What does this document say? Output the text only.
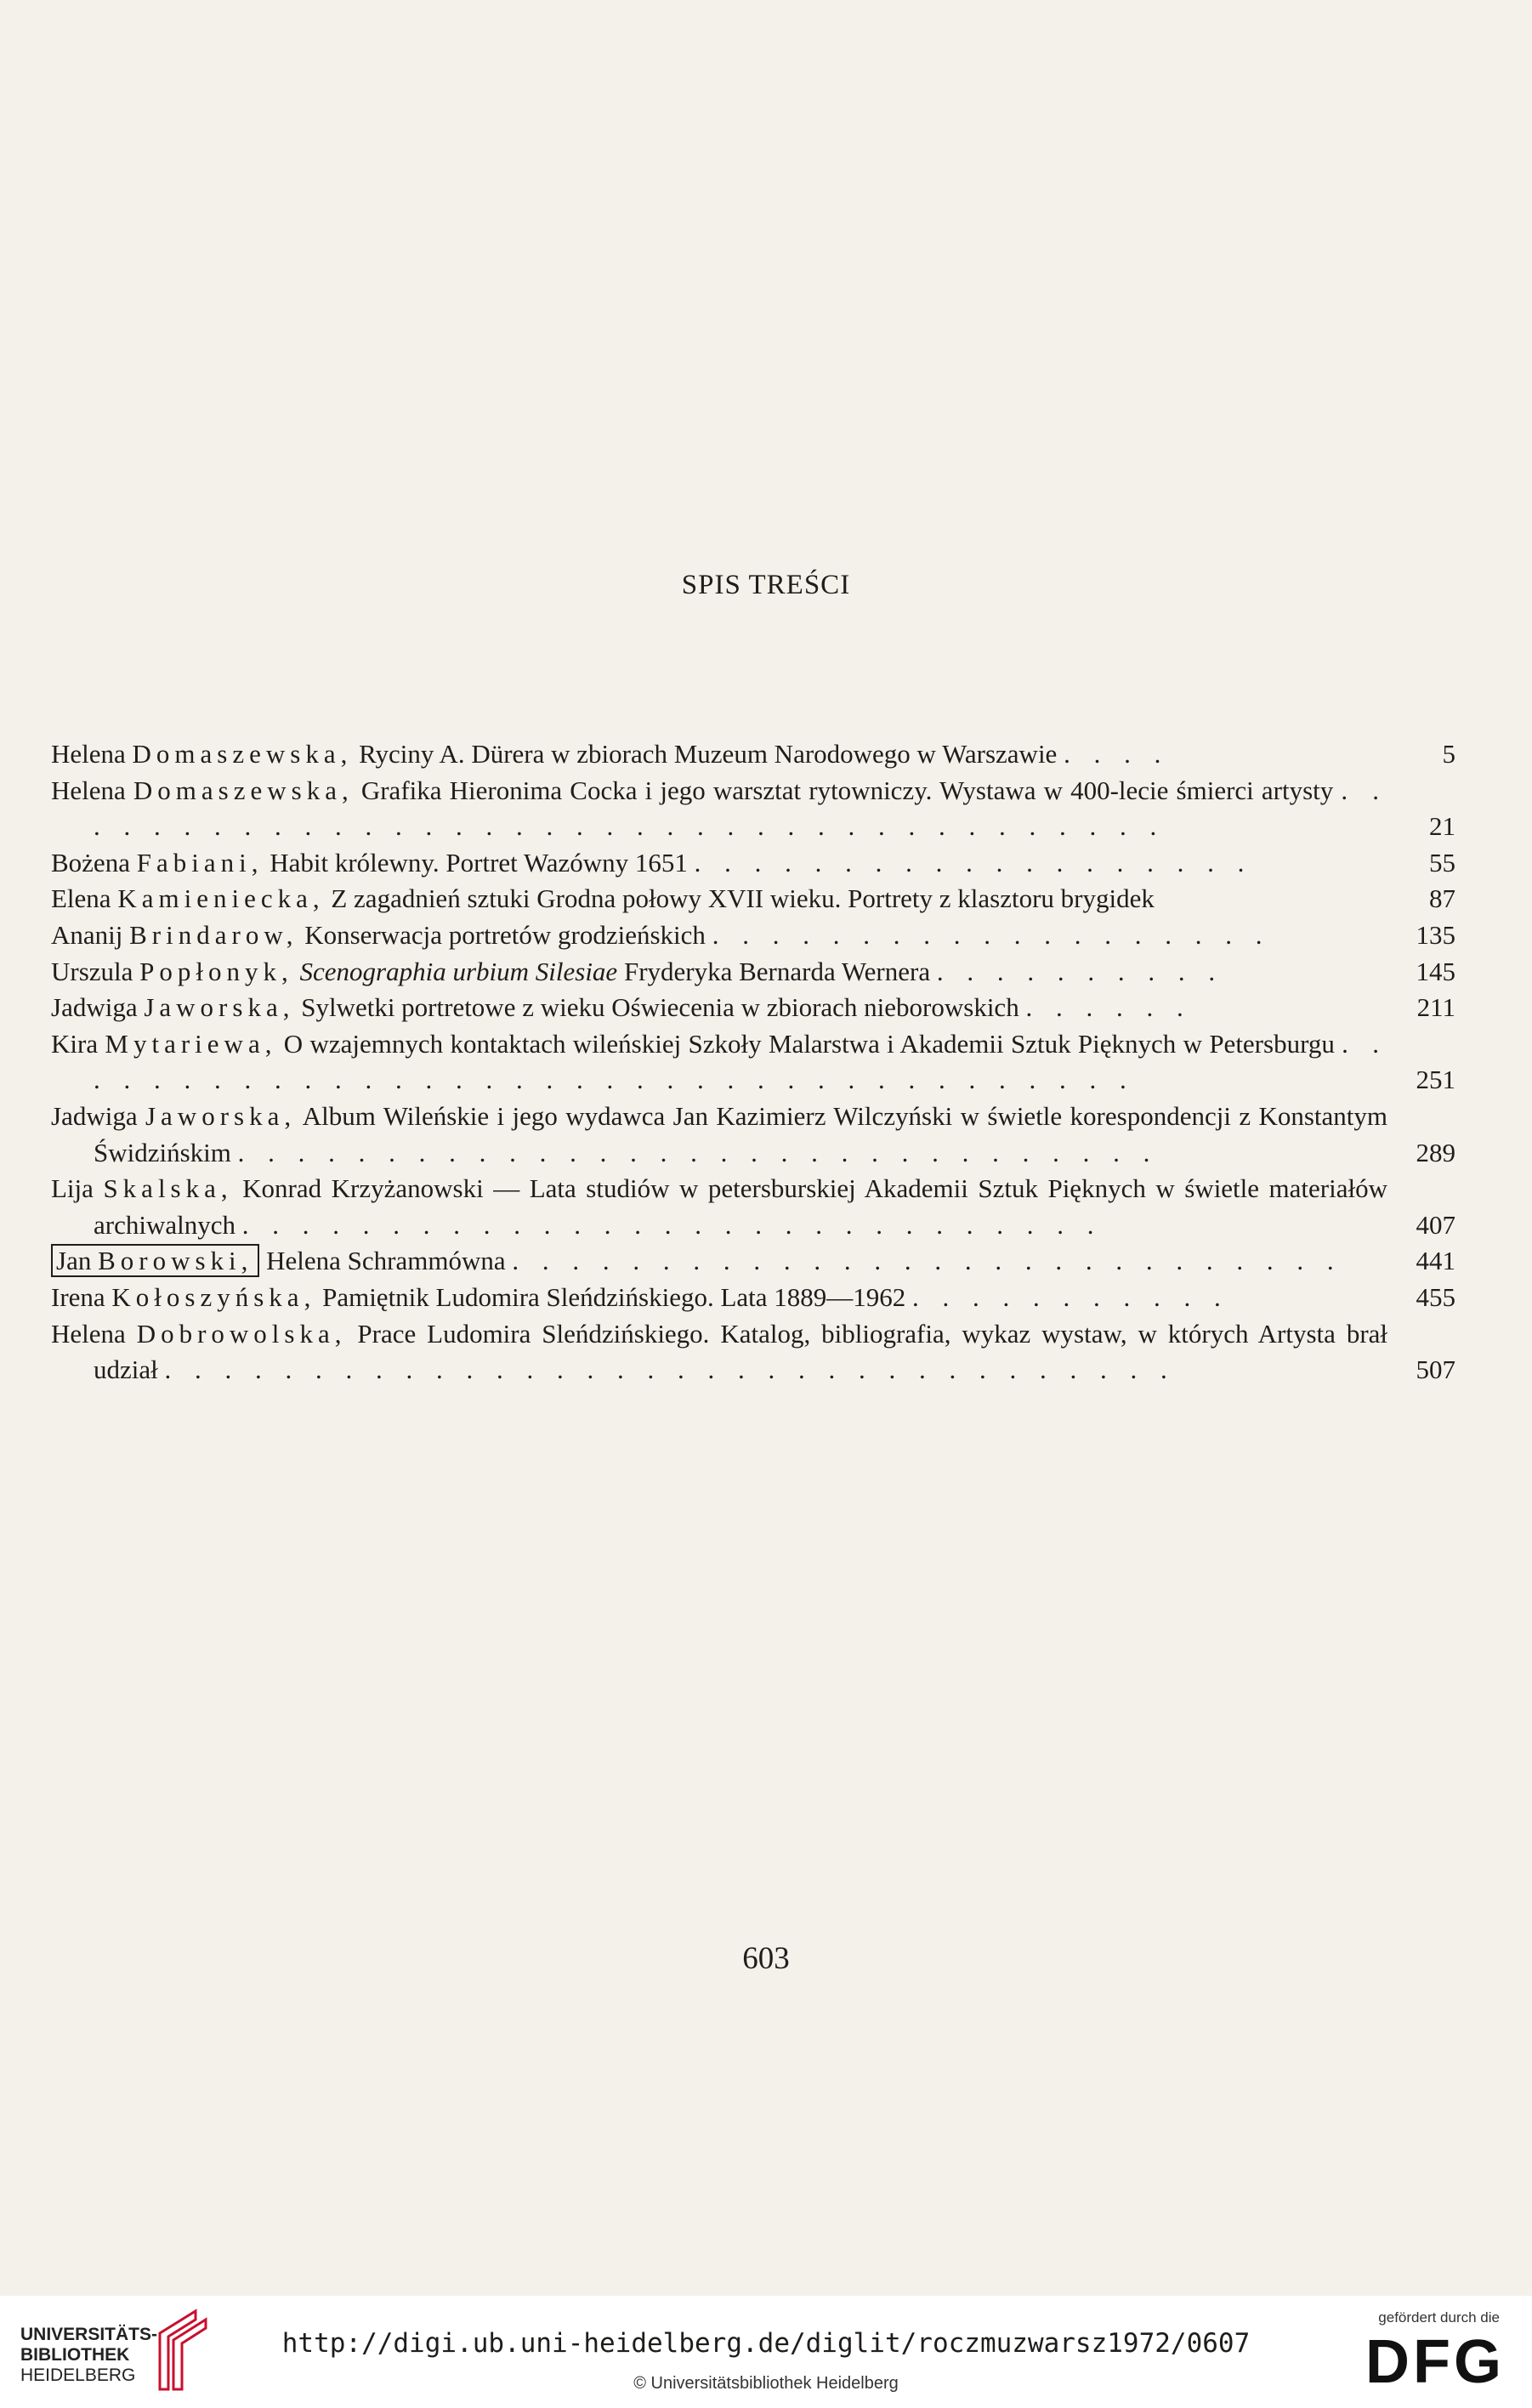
SPIS TREŚCI
Helena Domaszewska, Ryciny A. Dürera w zbiorach Muzeum Narodowego w Warszawie . . . .	5
Helena Domaszewska, Grafika Hieronima Cocka i jego warsztat rytowniczy. Wystawa w 400-lecie śmierci artysty . . . . . . . . . . . . . . . . . . . . . . . . . . . . . . . . . . . . . .	21
Bożena Fabiani, Habit królewny. Portret Wazówny 1651 . . . . . . . . . . . . . . . . . . .	55
Elena Kamieniecka, Z zagadnień sztuki Grodna połowy XVII wieku. Portrety z klasztoru brygidek	87
Ananij Brindarow, Konserwacja portretów grodzieńskich . . . . . . . . . . . . . . . . . . .	135
Urszula Popłonyk, Scenographia urbium Silesiae Fryderyka Bernarda Wernera . . . . . . . . . .	145
Jadwiga Jaworska, Sylwetki portretowe z wieku Oświecenia w zbiorach nieborowskich . . . . . .	211
Kira Mytariewa, O wzajemnych kontaktach wileńskiej Szkoły Malarstwa i Akademii Sztuk Pięknych w Petersburgu . . . . . . . . . . . . . . . . . . . . . . . . . . . . . . . . . . . . .	251
Jadwiga Jaworska, Album Wileńskie i jego wydawca Jan Kazimierz Wilczyński w świetle korespondencji z Konstantym Świdzińskim . . . . . . . . . . . . . . . . . . . . . . . . . . . . . . .	289
Lija Skalska, Konrad Krzyżanowski — Lata studiów w petersburskiej Akademii Sztuk Pięknych w świetle materiałów archiwalnych . . . . . . . . . . . . . . . . . . . . . . . . . . . . .	407
Jan Borowski, Helena Schrammówna . . . . . . . . . . . . . . . . . . . . . . . . . . . .	441
Irena Kołoszyńska, Pamiętnik Ludomira Sleńdzińskiego. Lata 1889—1962 . . . . . . . . . . .	455
Helena Dobrowolska, Prace Ludomira Sleńdzińskiego. Katalog, bibliografia, wykaz wystaw, w których Artysta brał udział . . . . . . . . . . . . . . . . . . . . . . . . . . . . . . . . . .	507
603
UNIVERSITÄTS-
BIBLIOTHEK
HEIDELBERG
http://digi.ub.uni-heidelberg.de/diglit/roczmuzwarsz1972/0607
© Universitätsbibliothek Heidelberg
gefördert durch die
DFG
